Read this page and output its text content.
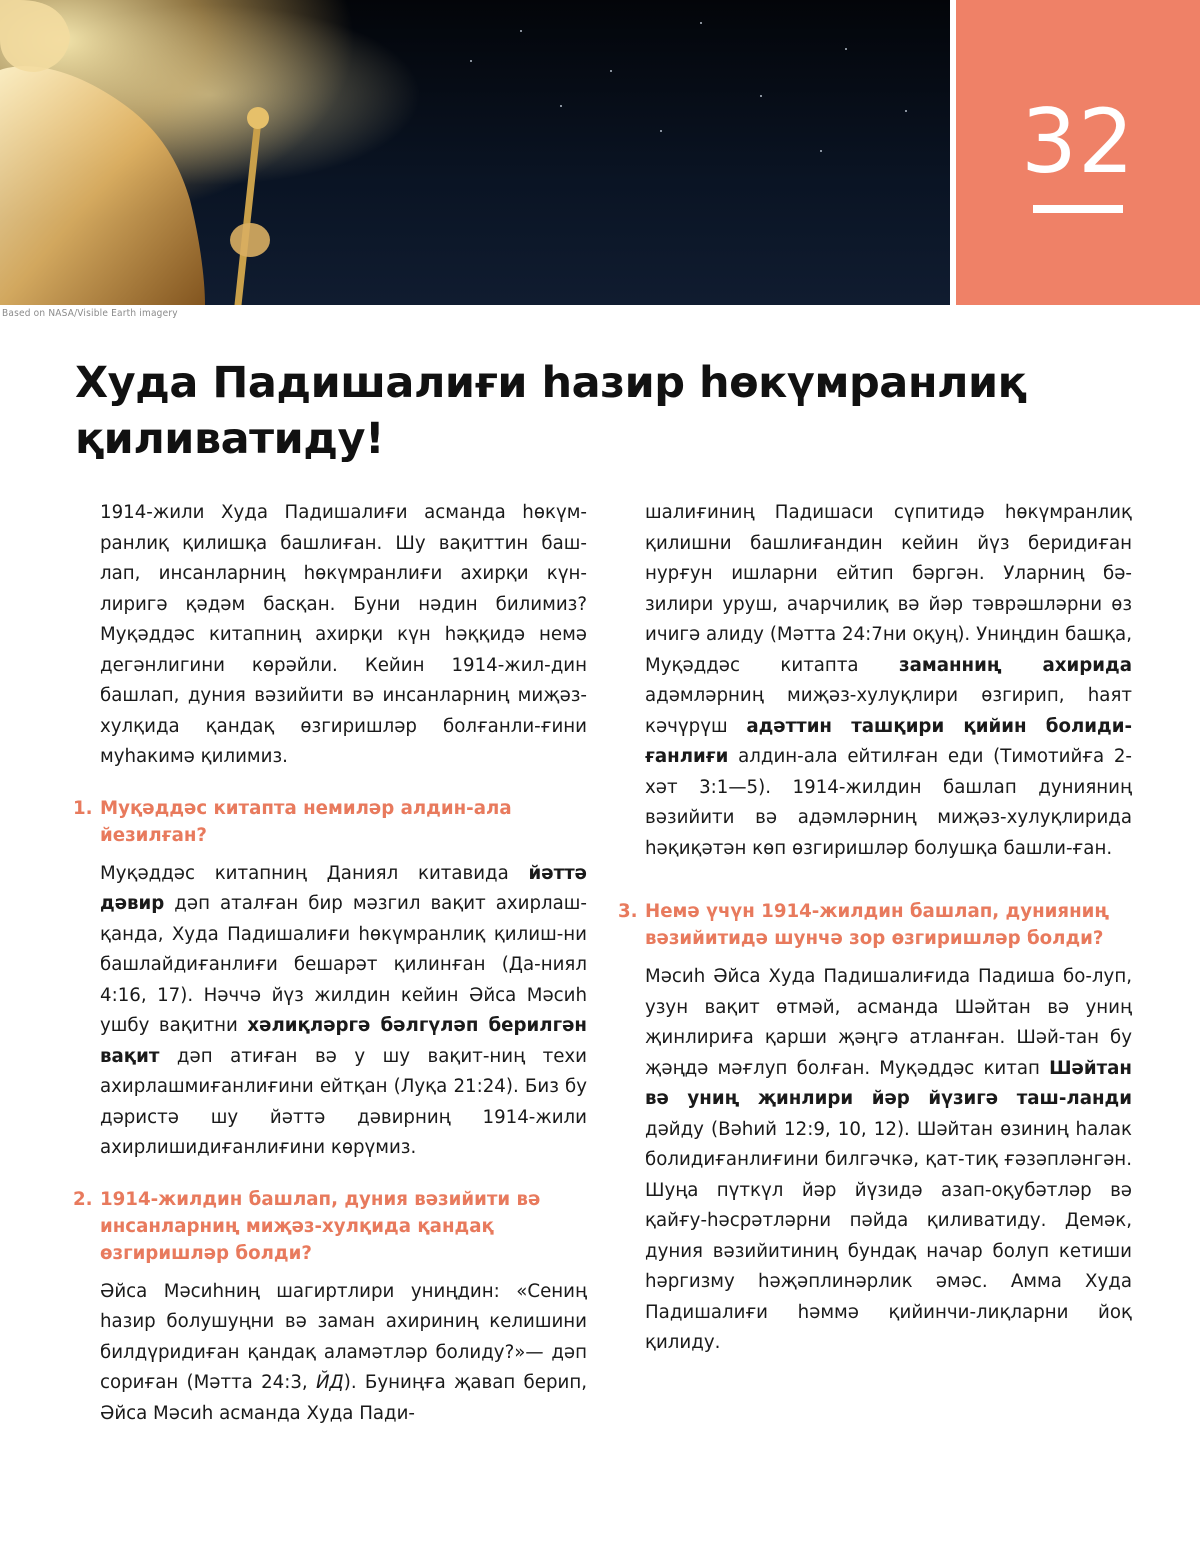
Based on NASA/Visible Earth imagery
32
Худа Падишалиғи һазир һөкүмранлиқ қиливатиду!

1914-жили Худа Падишалиғи асманда һөкүм-ранлиқ қилишқа башлиған. Шу вақиттин баш-лап, инсанларниң һөкүмранлиғи ахирқи күн-лиригә қәдәм басқан. Буни нәдин билимиз? Муқәддәс китапниң ахирқи күн һәққидә немә дегәнлигини көрәйли. Кейин 1914-жил-дин башлап, дуния вәзийити вә инсанларниң миҗәз-хулқида қандақ өзгиришләр болғанли-ғини муһакимә қилимиз.

1. Муқәддәс китапта немиләр алдин-ала йезилған?

Муқәддәс китапниң Даниял китавида йәттә дәвир дәп аталған бир мәзгил вақит ахирлаш-қанда, Худа Падишалиғи һөкүмранлиқ қилиш-ни башлайдиғанлиғи бешарәт қилинған (Да-ниял 4:16, 17). Нәччә йүз жилдин кейин Әйса Мәсиһ ушбу вақитни хәлиқләргә бәлгүләп берилгән вақит дәп атиған вә у шу вақит-ниң техи ахирлашмиғанлиғини ейтқан (Луқа 21:24). Биз бу дәристә шу йәттә дәвирниң 1914-жили ахирлишидиғанлиғини көрүмиз.

2. 1914-жилдин башлап, дуния вәзийити вә инсанларниң миҗәз-хулқида қандақ өзгиришләр болди?

Әйса Мәсиһниң шагиртлири униңдин: «Сениң һазир болушуңни вә заман ахириниң келишини билдүридиған қандақ аламәтләр болиду?»— дәп сориған (Мәтта 24:3, ЙД). Буниңға җавап берип, Әйса Мәсиһ асманда Худа Пади-

шалиғиниң Падишаси сүпитидә һөкүмранлиқ қилишни башлиғандин кейин йүз беридиған нурғун ишларни ейтип бәргән. Уларниң бә-зилири уруш, ачарчилиқ вә йәр тәврәшләрни өз ичигә алиду (Мәтта 24:7ни оқуң). Униңдин башқа, Муқәддәс китапта заманниң ахирида адәмләрниң миҗәз-хулуқлири өзгирип, һаят кәчүрүш адәттин ташқири қийин болиди-ғанлиғи алдин-ала ейтилған еди (Тимотийға 2-хәт 3:1—5). 1914-жилдин башлап дунияниң вәзийити вә адәмләрниң миҗәз-хулуқлирида һәқиқәтән көп өзгиришләр болушқа башли-ған.

3. Немә үчүн 1914-жилдин башлап, дунияниң вәзийитидә шунчә зор өзгиришләр болди?

Мәсиһ Әйса Худа Падишалиғида Падиша бо-луп, узун вақит өтмәй, асманда Шәйтан вә униң җинлириға қарши җәңгә атланған. Шәй-тан бу җәңдә мәғлуп болған. Муқәддәс китап Шәйтан вә униң җинлири йәр йүзигә таш-ланди дәйду (Вәһий 12:9, 10, 12). Шәйтан өзиниң һалак болидиғанлиғини билгәчкә, қат-тиқ ғәзәпләнгән. Шуңа пүткүл йәр йүзидә азап-оқубәтләр вә қайғу-һәсрәтләрни пәйда қиливатиду. Демәк, дуния вәзийитиниң бундақ начар болуп кетиши һәргизму һәҗәплинәрлик әмәс. Амма Худа Падишалиғи һәммә қийинчи-лиқларни йоқ қилиду.
